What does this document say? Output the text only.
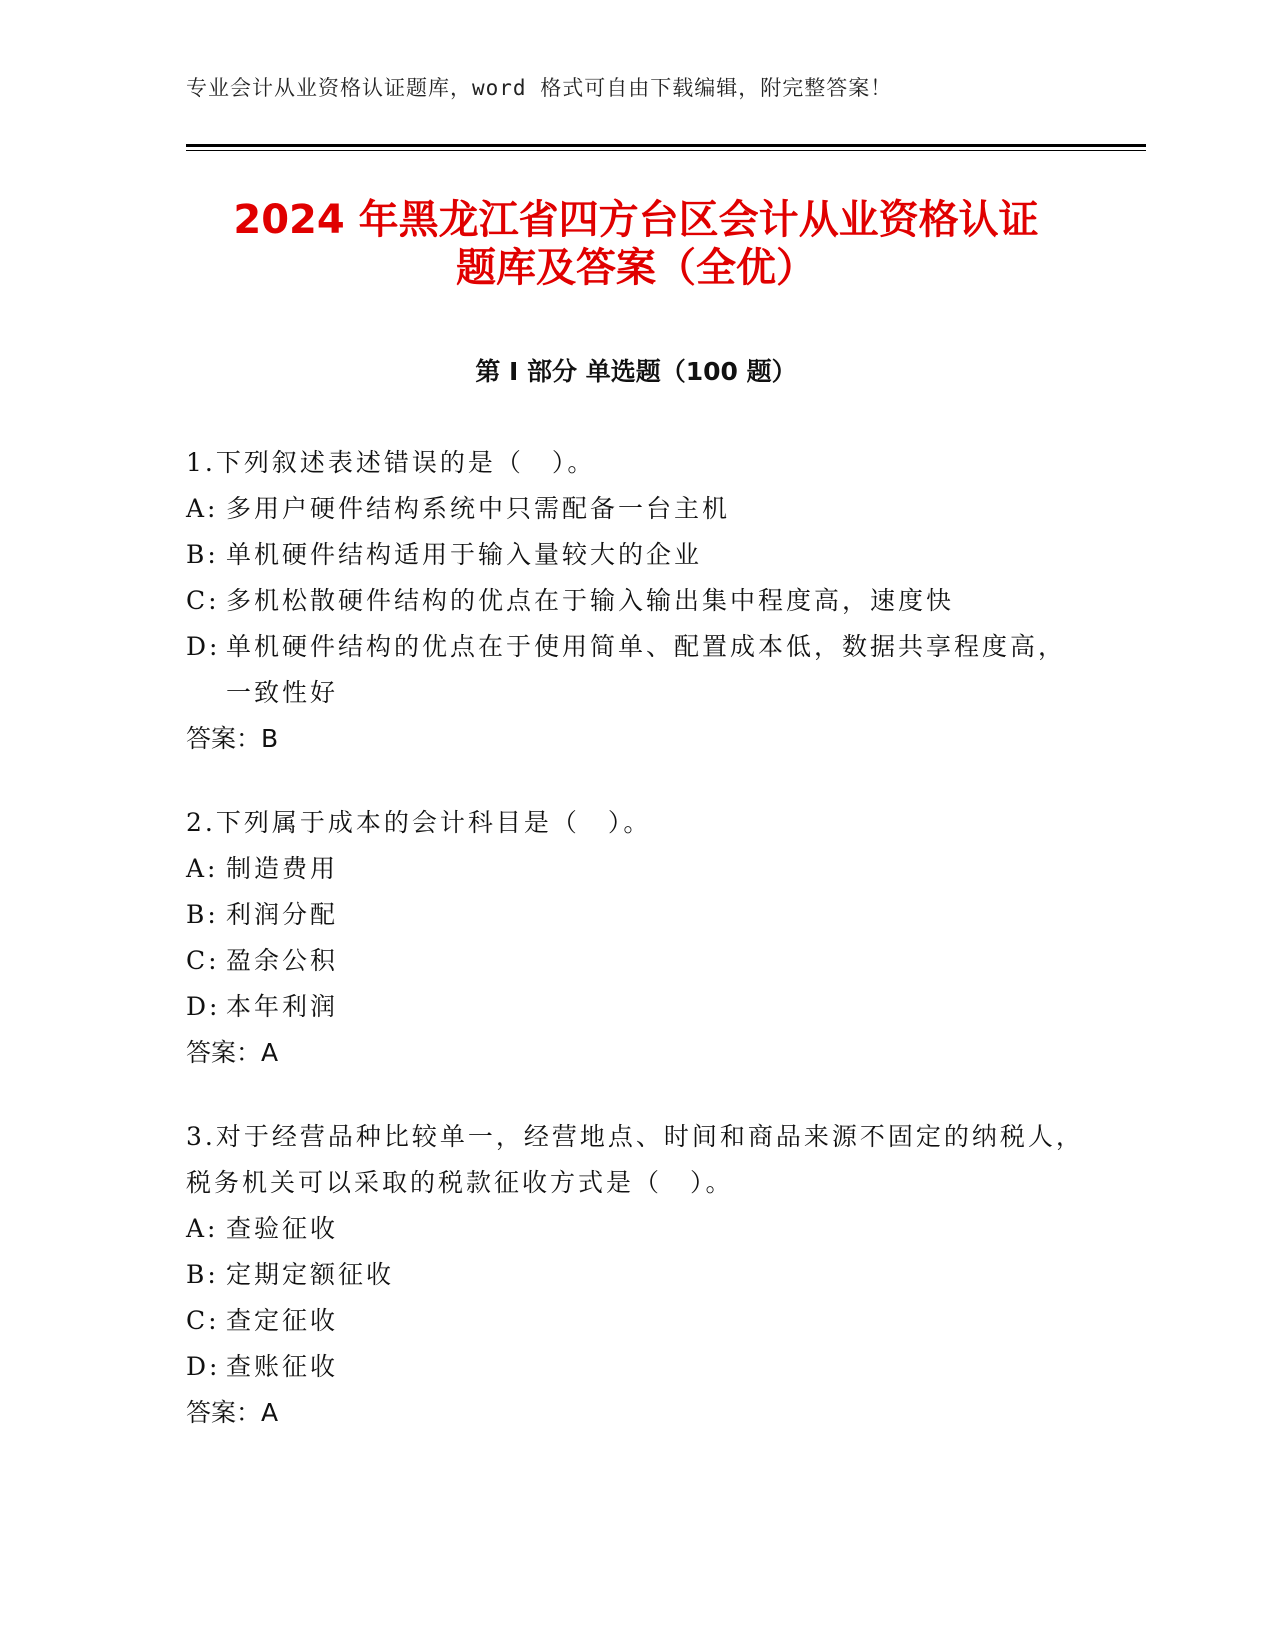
专业会计从业资格认证题库，word 格式可自由下载编辑，附完整答案！
2024 年黑龙江省四方台区会计从业资格认证
题库及答案（全优）
第 I 部分 单选题（100 题）
1.下列叙述表述错误的是（　）。
A: 多用户硬件结构系统中只需配备一台主机
B: 单机硬件结构适用于输入量较大的企业
C: 多机松散硬件结构的优点在于输入输出集中程度高，速度快
D: 单机硬件结构的优点在于使用简单、配置成本低，数据共享程度高，一致性好
答案：B
2.下列属于成本的会计科目是（　）。
A: 制造费用
B: 利润分配
C: 盈余公积
D: 本年利润
答案：A
3.对于经营品种比较单一，经营地点、时间和商品来源不固定的纳税人，税务机关可以采取的税款征收方式是（　）。
A: 查验征收
B: 定期定额征收
C: 查定征收
D: 查账征收
答案：A
